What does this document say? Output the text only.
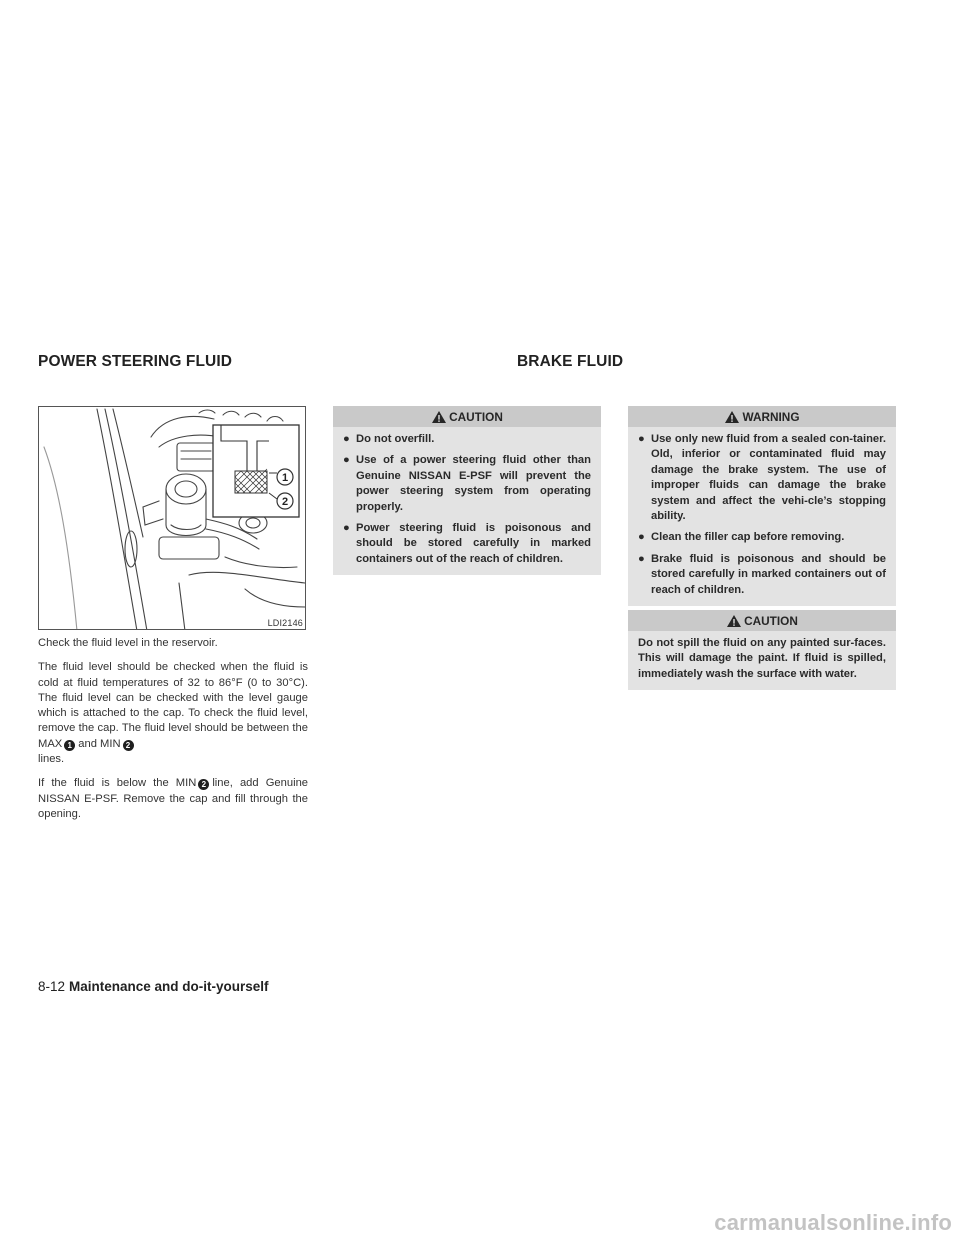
POWER STEERING FLUID	BRAKE FLUID
1
2
LDI2146

Check the fluid level in the reservoir.

The fluid level should be checked when the fluid is cold at fluid temperatures of 32 to 86°F (0 to 30°C). The fluid level can be checked with the level gauge which is attached to the cap. To check the fluid level, remove the cap. The fluid level should be between the MAX 1 and MIN 2
lines.

If the fluid is below the MIN 2 line, add Genuine NISSAN E-PSF. Remove the cap and fill through the opening.

CAUTION
● Do not overfill.
● Use of a power steering fluid other than Genuine NISSAN E-PSF will prevent the power steering system from operating properly.
● Power steering fluid is poisonous and should be stored carefully in marked containers out of the reach of children.
WARNING
● Use only new fluid from a sealed con-tainer. Old, inferior or contaminated fluid may damage the brake system. The use of improper fluids can damage the brake system and affect the vehi-cle’s stopping ability.
● Clean the filler cap before removing.
● Brake fluid is poisonous and should be stored carefully in marked containers out of reach of children.
CAUTION

Do not spill the fluid on any painted sur-faces. This will damage the paint. If fluid is spilled, immediately wash the surface with water.

8-12 Maintenance and do-it-yourself
carmanualsonline.info
